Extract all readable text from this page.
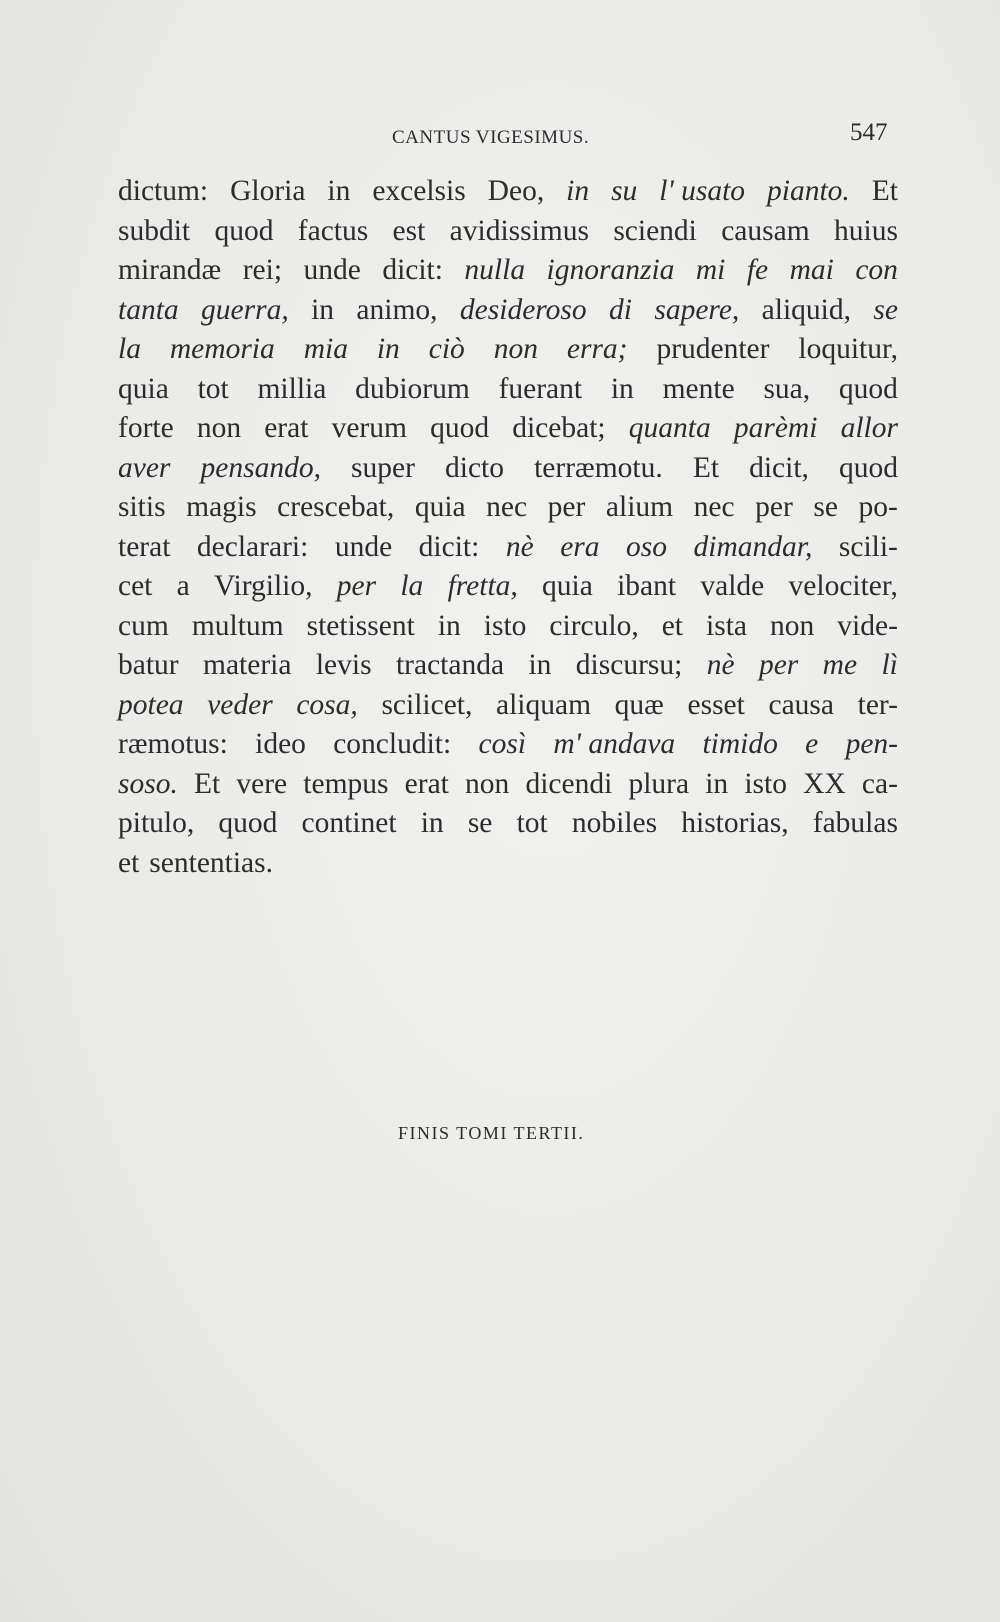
CANTUS VIGESIMUS.	547
dictum: Gloria in excelsis Deo, in su l' usato pianto. Et
subdit quod factus est avidissimus sciendi causam huius
mirandæ rei; unde dicit: nulla ignoranzia mi fe mai con
tanta guerra, in animo, desideroso di sapere, aliquid, se
la memoria mia in ciò non erra; prudenter loquitur,
quia tot millia dubiorum fuerant in mente sua, quod
forte non erat verum quod dicebat; quanta parèmi allor
aver pensando, super dicto terræmotu. Et dicit, quod
sitis magis crescebat, quia nec per alium nec per se po-
terat declarari: unde dicit: nè era oso dimandar, scili-
cet a Virgilio, per la fretta, quia ibant valde velociter,
cum multum stetissent in isto circulo, et ista non vide-
batur materia levis tractanda in discursu; nè per me lì
potea veder cosa, scilicet, aliquam quæ esset causa ter-
ræmotus: ideo concludit: così m' andava timido e pen-
soso. Et vere tempus erat non dicendi plura in isto XX ca-
pitulo, quod continet in se tot nobiles historias, fabulas
et sententias.
FINIS TOMI TERTII.
